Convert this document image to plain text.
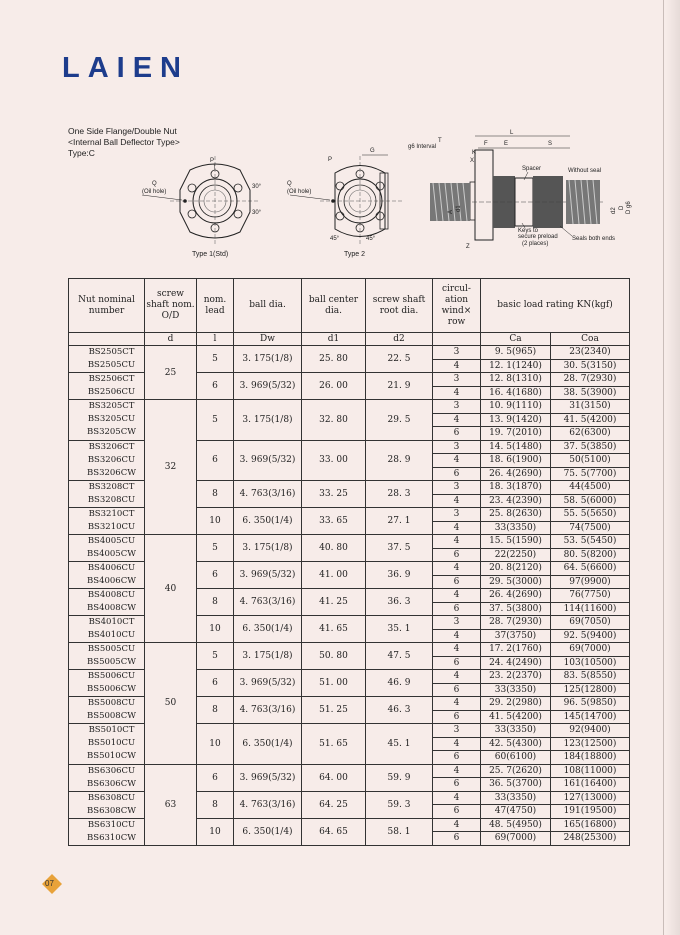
LAIEN
One Side Flange/Double Nut
<Internal Ball Deflector Type>
Type:C
P
Q
(Oil hole)
30°
30°
Type 1(Std)
P
G
Q
(Oil hole)
45°	45°
Type 2
T
L
g6 Interval	F	E	S
K
X
A d1	d2 D D g6
Spacer	Without seal
Keys to
secure preload
(2 places)
Seals both ends
Z
Nut nominal number	screw shaft nom. O/D	nom. lead	ball dia.	ball center dia.	screw shaft root dia.	circul- ation wind× row	basic load rating KN(kgf)	
	d	l	Dw	d1	d2		Ca	Coa

BS2505CT
BS2505CU	25	5	3. 175(1/8)	25. 80	22. 5	3	9. 5(965)	23(2340)
						4	12. 1(1240)	30. 5(3150)

BS2506CT
BS2506CU		6	3. 969(5/32)	26. 00	21. 9	3	12. 8(1310)	28. 7(2930)
						4	16. 4(1680)	38. 5(3900)

BS3205CT
BS3205CU
BS3205CW	32	5	3. 175(1/8)	32. 80	29. 5	3	10. 9(1110)	31(3150)
						4	13. 9(1420)	41. 5(4200)
						6	19. 7(2010)	62(6300)

BS3206CT
BS3206CU
BS3206CW		6	3. 969(5/32)	33. 00	28. 9	3	14. 5(1480)	37. 5(3850)
						4	18. 6(1900)	50(5100)
						6	26. 4(2690)	75. 5(7700)

BS3208CT
BS3208CU		8	4. 763(3/16)	33. 25	28. 3	3	18. 3(1870)	44(4500)
						4	23. 4(2390)	58. 5(6000)

BS3210CT
BS3210CU		10	6. 350(1/4)	33. 65	27. 1	3	25. 8(2630)	55. 5(5650)
						4	33(3350)	74(7500)

BS4005CU
BS4005CW	40	5	3. 175(1/8)	40. 80	37. 5	4	15. 5(1590)	53. 5(5450)
						6	22(2250)	80. 5(8200)

BS4006CU
BS4006CW		6	3. 969(5/32)	41. 00	36. 9	4	20. 8(2120)	64. 5(6600)
						6	29. 5(3000)	97(9900)

BS4008CU
BS4008CW		8	4. 763(3/16)	41. 25	36. 3	4	26. 4(2690)	76(7750)
						6	37. 5(3800)	114(11600)

BS4010CT
BS4010CU		10	6. 350(1/4)	41. 65	35. 1	3	28. 7(2930)	69(7050)
						4	37(3750)	92. 5(9400)

BS5005CU
BS5005CW	50	5	3. 175(1/8)	50. 80	47. 5	4	17. 2(1760)	69(7000)
						6	24. 4(2490)	103(10500)

BS5006CU
BS5006CW		6	3. 969(5/32)	51. 00	46. 9	4	23. 2(2370)	83. 5(8550)
						6	33(3350)	125(12800)

BS5008CU
BS5008CW		8	4. 763(3/16)	51. 25	46. 3	4	29. 2(2980)	96. 5(9850)
						6	41. 5(4200)	145(14700)

BS5010CT
BS5010CU
BS5010CW		10	6. 350(1/4)	51. 65	45. 1	3	33(3350)	92(9400)
						4	42. 5(4300)	123(12500)
						6	60(6100)	184(18800)

BS6306CU
BS6306CW	63	6	3. 969(5/32)	64. 00	59. 9	4	25. 7(2620)	108(11000)
						6	36. 5(3700)	161(16400)

BS6308CU
BS6308CW		8	4. 763(3/16)	64. 25	59. 3	4	33(3350)	127(13000)
						6	47(4750)	191(19500)

BS6310CU
BS6310CW		10	6. 350(1/4)	64. 65	58. 1	4	48. 5(4950)	165(16800)
						6	69(7000)	248(25300)
07
